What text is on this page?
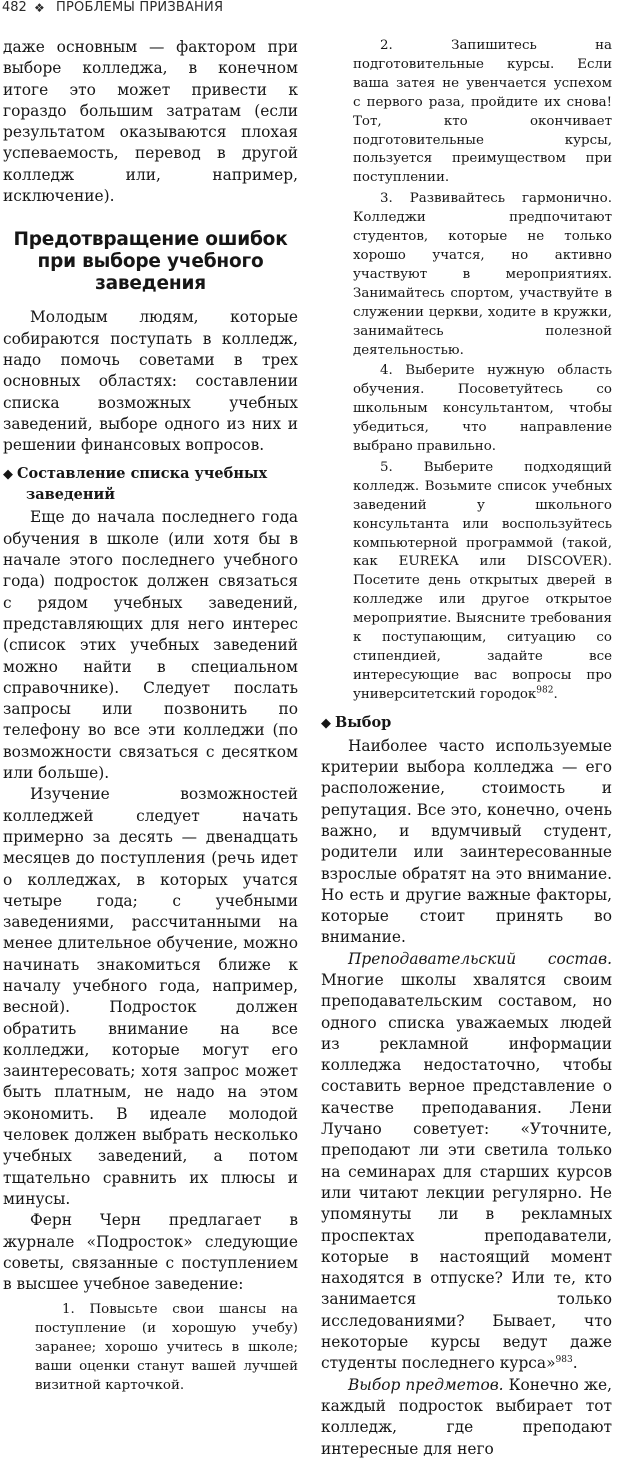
482 ❖ ПРОБЛЕМЫ ПРИЗВАНИЯ

даже основным — фактором при выборе колледжа, в конечном итоге это может привести к гораздо большим затратам (если результатом оказываются плохая успеваемость, перевод в другой колледж или, например, исключение).

Предотвращение ошибок при выборе учебного заведения

Молодым людям, которые собираются поступать в колледж, надо помочь советами в трех основных областях: составлении списка возможных учебных заведений, выборе одного из них и решении финансовых вопросов.

◆ Составление списка учебных
заведений

Еще до начала последнего года обучения в школе (или хотя бы в начале этого последнего учебного года) подросток должен связаться с рядом учебных заведений, представляющих для него интерес (список этих учебных заведений можно найти в специальном справочнике). Следует послать запросы или позвонить по телефону во все эти колледжи (по возможности связаться с десятком или больше).

Изучение возможностей колледжей следует начать примерно за десять — двенадцать месяцев до поступления (речь идет о колледжах, в которых учатся четыре года; с учебными заведениями, рассчитанными на менее длительное обучение, можно начинать знакомиться ближе к началу учебного года, например, весной). Подросток должен обратить внимание на все колледжи, которые могут его заинтересовать; хотя запрос может быть платным, не надо на этом экономить. В идеале молодой человек должен выбрать несколько учебных заведений, а потом тщательно сравнить их плюсы и минусы.

Ферн Черн предлагает в журнале «Подросток» следующие советы, связанные с поступлением в высшее учебное заведение:

1. Повысьте свои шансы на поступление (и хорошую учебу) заранее; хорошо учитесь в школе; ваши оценки станут вашей лучшей визитной карточкой.

2. Запишитесь на подготовительные курсы. Если ваша затея не увенчается успехом с первого раза, пройдите их снова! Тот, кто окончивает подготовительные курсы, пользуется преимуществом при поступлении.

3. Развивайтесь гармонично. Колледжи предпочитают студентов, которые не только хорошо учатся, но активно участвуют в мероприятиях. Занимайтесь спортом, участвуйте в служении церкви, ходите в кружки, занимайтесь полезной деятельностью.

4. Выберите нужную область обучения. Посоветуйтесь со школьным консультантом, чтобы убедиться, что направление выбрано правильно.

5. Выберите подходящий колледж. Возьмите список учебных заведений у школьного консультанта или воспользуйтесь компьютерной программой (такой, как EUREKA или DISCOVER). Посетите день открытых дверей в колледже или другое открытое мероприятие. Выясните требования к поступающим, ситуацию со стипендией, задайте все интересующие вас вопросы про университетский городок$^{982}$.

◆ Выбор

Наиболее часто используемые критерии выбора колледжа — его расположение, стоимость и репутация. Все это, конечно, очень важно, и вдумчивый студент, родители или заинтересованные взрослые обратят на это внимание. Но есть и другие важные факторы, которые стоит принять во внимание.

Преподавательский состав. Многие школы хвалятся своим преподавательским составом, но одного списка уважаемых людей из рекламной информации колледжа недостаточно, чтобы составить верное представление о качестве преподавания. Лени Лучано советует: «Уточните, преподают ли эти светила только на семинарах для старших курсов или читают лекции регулярно. Не упомянуты ли в рекламных проспектах преподаватели, которые в настоящий момент находятся в отпуске? Или те, кто занимается только исследованиями? Бывает, что некоторые курсы ведут даже студенты последнего курса»$^{983}$.

Выбор предметов. Конечно же, каждый подросток выбирает тот колледж, где преподают интересные для него
